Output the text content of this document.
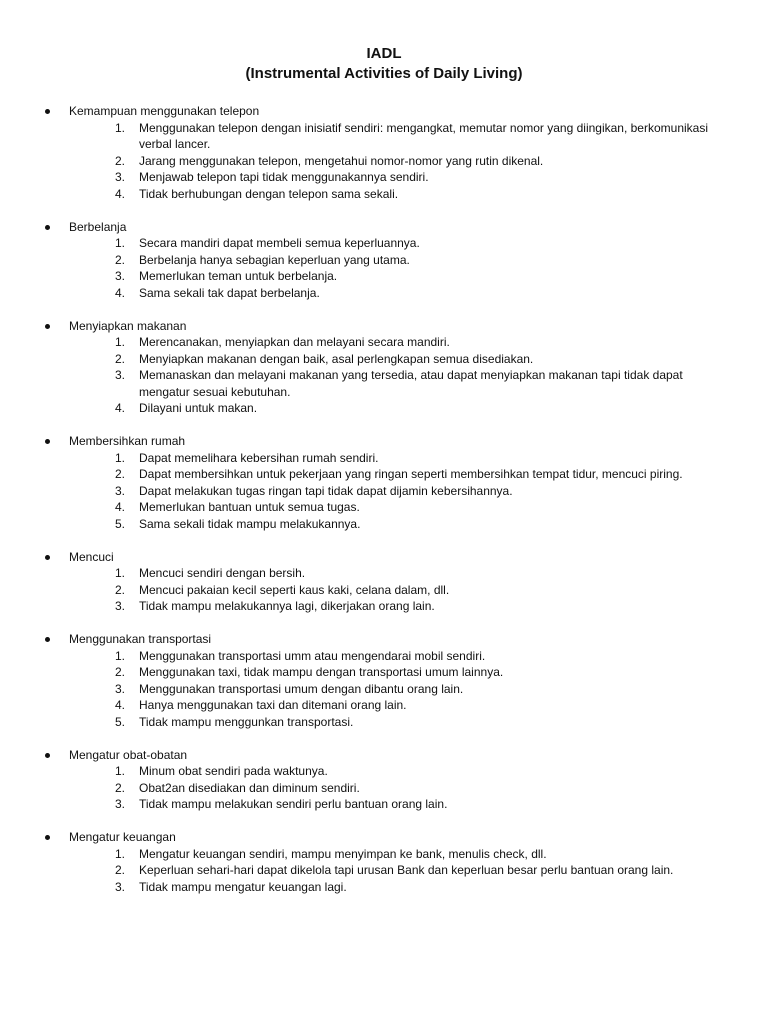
IADL
(Instrumental Activities of Daily Living)
Kemampuan menggunakan telepon
1.	Menggunakan telepon dengan inisiatif sendiri: mengangkat, memutar nomor yang diingikan, berkomunikasi verbal lancer.
2.	Jarang menggunakan telepon, mengetahui nomor-nomor yang rutin dikenal.
3.	Menjawab telepon tapi tidak menggunakannya sendiri.
4.	Tidak berhubungan dengan telepon sama sekali.
Berbelanja
1.	Secara mandiri dapat membeli semua keperluannya.
2.	Berbelanja hanya sebagian keperluan yang utama.
3.	Memerlukan teman untuk berbelanja.
4.	Sama sekali tak dapat berbelanja.
Menyiapkan makanan
1.	Merencanakan, menyiapkan dan melayani secara mandiri.
2.	Menyiapkan makanan dengan baik, asal perlengkapan semua disediakan.
3.	Memanaskan dan melayani makanan yang tersedia, atau dapat menyiapkan makanan tapi tidak dapat mengatur sesuai kebutuhan.
4.	Dilayani untuk makan.
Membersihkan rumah
1.	Dapat memelihara kebersihan rumah sendiri.
2.	Dapat membersihkan untuk pekerjaan yang ringan seperti membersihkan tempat tidur, mencuci piring.
3.	Dapat melakukan tugas ringan tapi tidak dapat dijamin kebersihannya.
4.	Memerlukan bantuan untuk semua tugas.
5.	Sama sekali tidak mampu melakukannya.
Mencuci
1.	Mencuci sendiri dengan bersih.
2.	Mencuci pakaian kecil seperti kaus kaki, celana dalam, dll.
3.	Tidak mampu melakukannya lagi, dikerjakan orang lain.
Menggunakan transportasi
1.	Menggunakan transportasi umm atau mengendarai mobil sendiri.
2.	Menggunakan taxi, tidak mampu dengan transportasi umum lainnya.
3.	Menggunakan transportasi umum dengan dibantu orang lain.
4.	Hanya menggunakan taxi dan ditemani orang lain.
5.	Tidak mampu menggunkan transportasi.
Mengatur obat-obatan
1.	Minum obat sendiri pada waktunya.
2.	Obat2an disediakan dan diminum sendiri.
3.	Tidak mampu melakukan sendiri perlu bantuan orang lain.
Mengatur keuangan
1.	Mengatur keuangan sendiri, mampu menyimpan ke bank, menulis check, dll.
2.	Keperluan sehari-hari dapat dikelola tapi urusan Bank dan keperluan besar perlu bantuan orang lain.
3.	Tidak mampu mengatur keuangan lagi.
